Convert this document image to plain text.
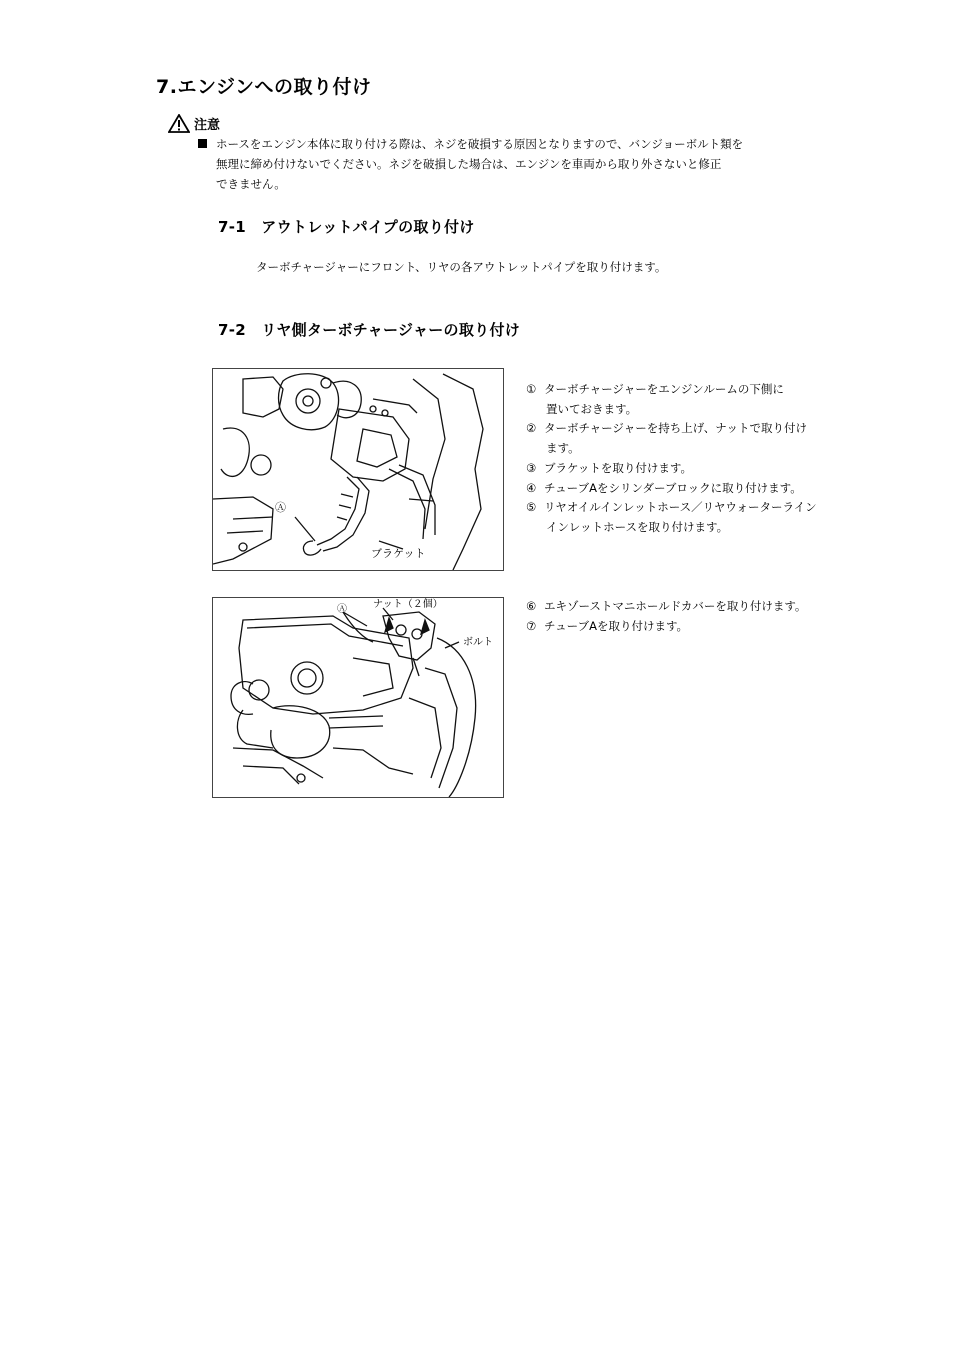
7.エンジンへの取り付け
注意
ホースをエンジン本体に取り付ける際は、ネジを破損する原因となりますので、バンジョーボルト類を
無理に締め付けないでください。ネジを破損した場合は、エンジンを車両から取り外さないと修正
できません。
7-1　アウトレットパイプの取り付け
ターボチャージャーにフロント、リヤの各アウトレットパイプを取り付けます。
7-2　リヤ側ターボチャージャーの取り付け
Ⓐ
ブラケット
① ターボチャージャーをエンジンルームの下側に
置いておきます。
② ターボチャージャーを持ち上げ、ナットで取り付け
ます。
③ ブラケットを取り付けます。
④ チューブAをシリンダーブロックに取り付けます。
⑤ リヤオイルインレットホース／リヤウォーターライン
インレットホースを取り付けます。
Ⓐ	ナット（２個）
ボルト
⑥ エキゾーストマニホールドカバーを取り付けます。
⑦ チューブAを取り付けます。
